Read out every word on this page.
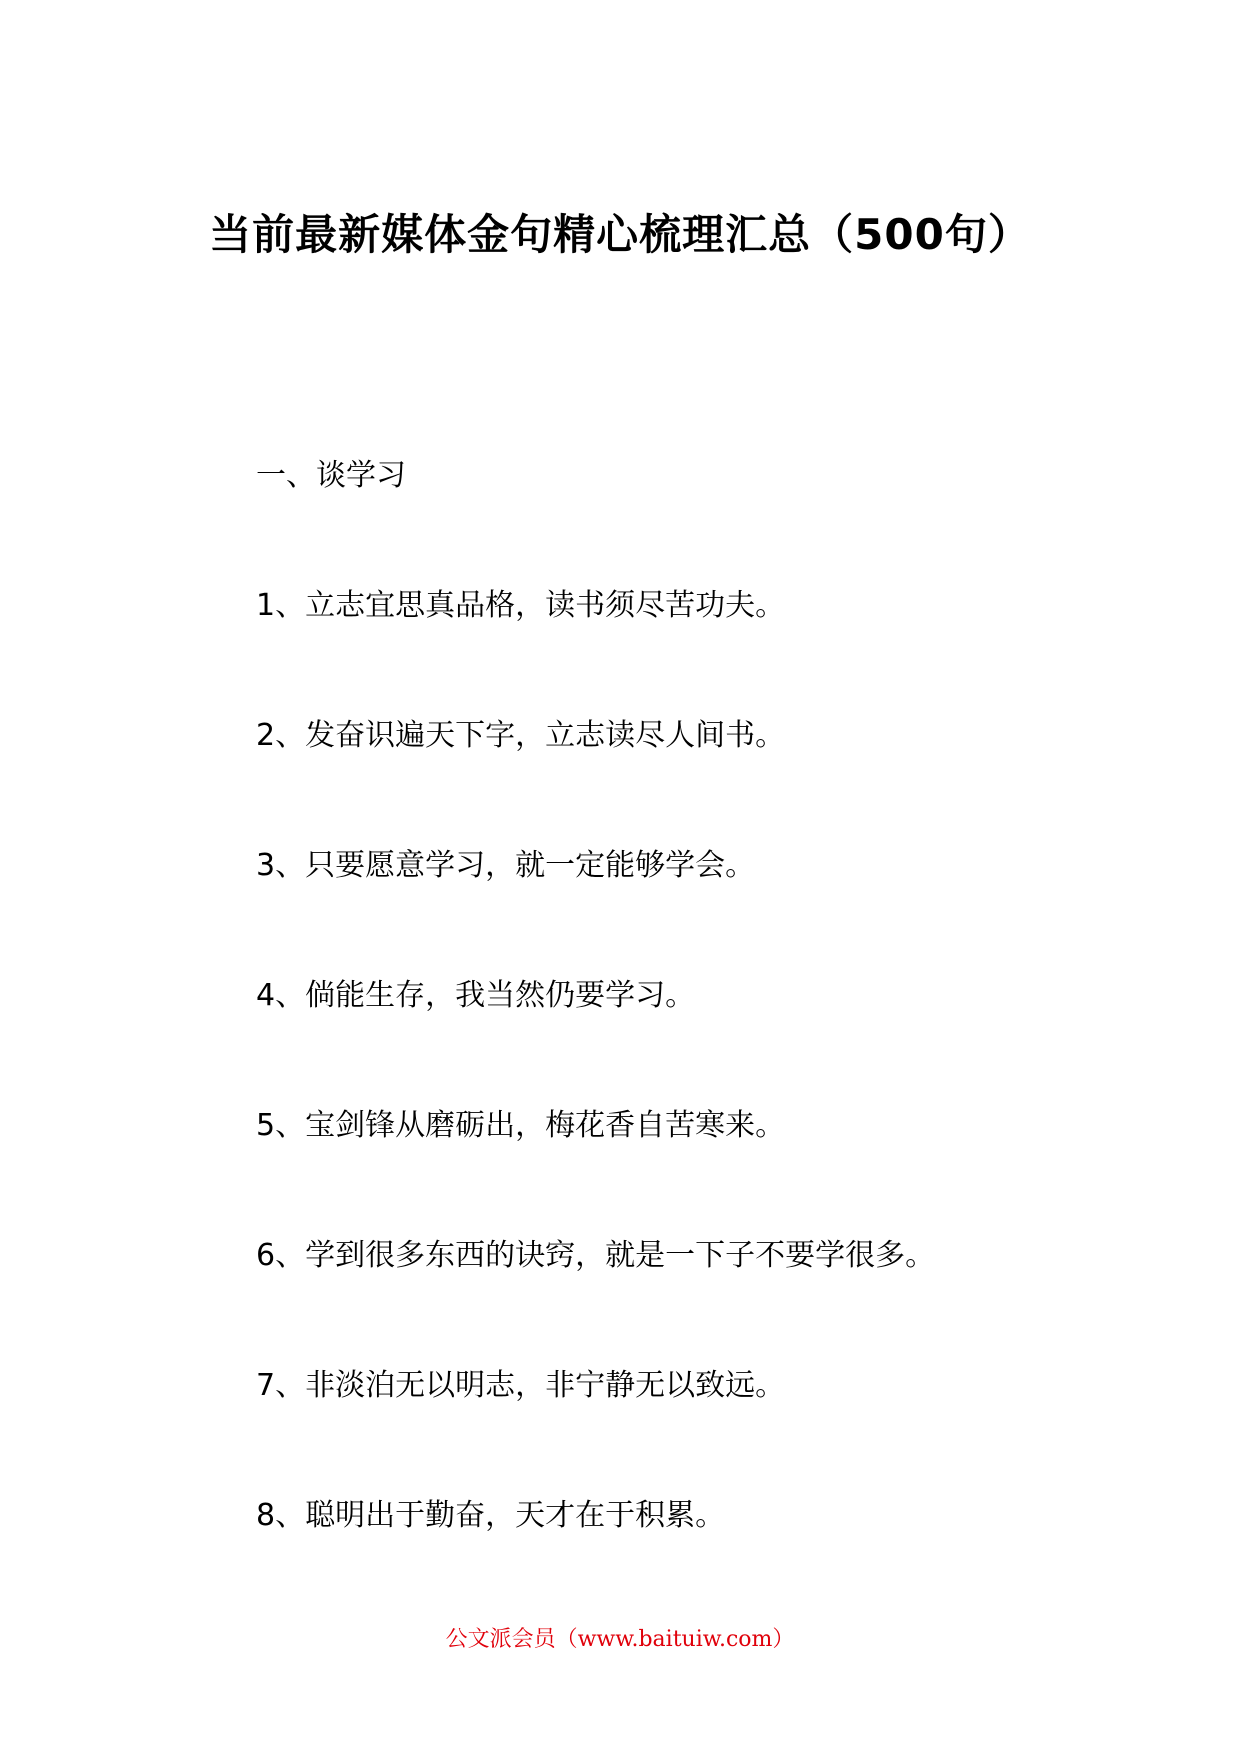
当前最新媒体金句精心梳理汇总（500句）
一、谈学习
1、立志宜思真品格，读书须尽苦功夫。
2、发奋识遍天下字，立志读尽人间书。
3、只要愿意学习，就一定能够学会。
4、倘能生存，我当然仍要学习。
5、宝剑锋从磨砺出，梅花香自苦寒来。
6、学到很多东西的诀窍，就是一下子不要学很多。
7、非淡泊无以明志，非宁静无以致远。
8、聪明出于勤奋，天才在于积累。
公文派会员（www.baituiw.com）
